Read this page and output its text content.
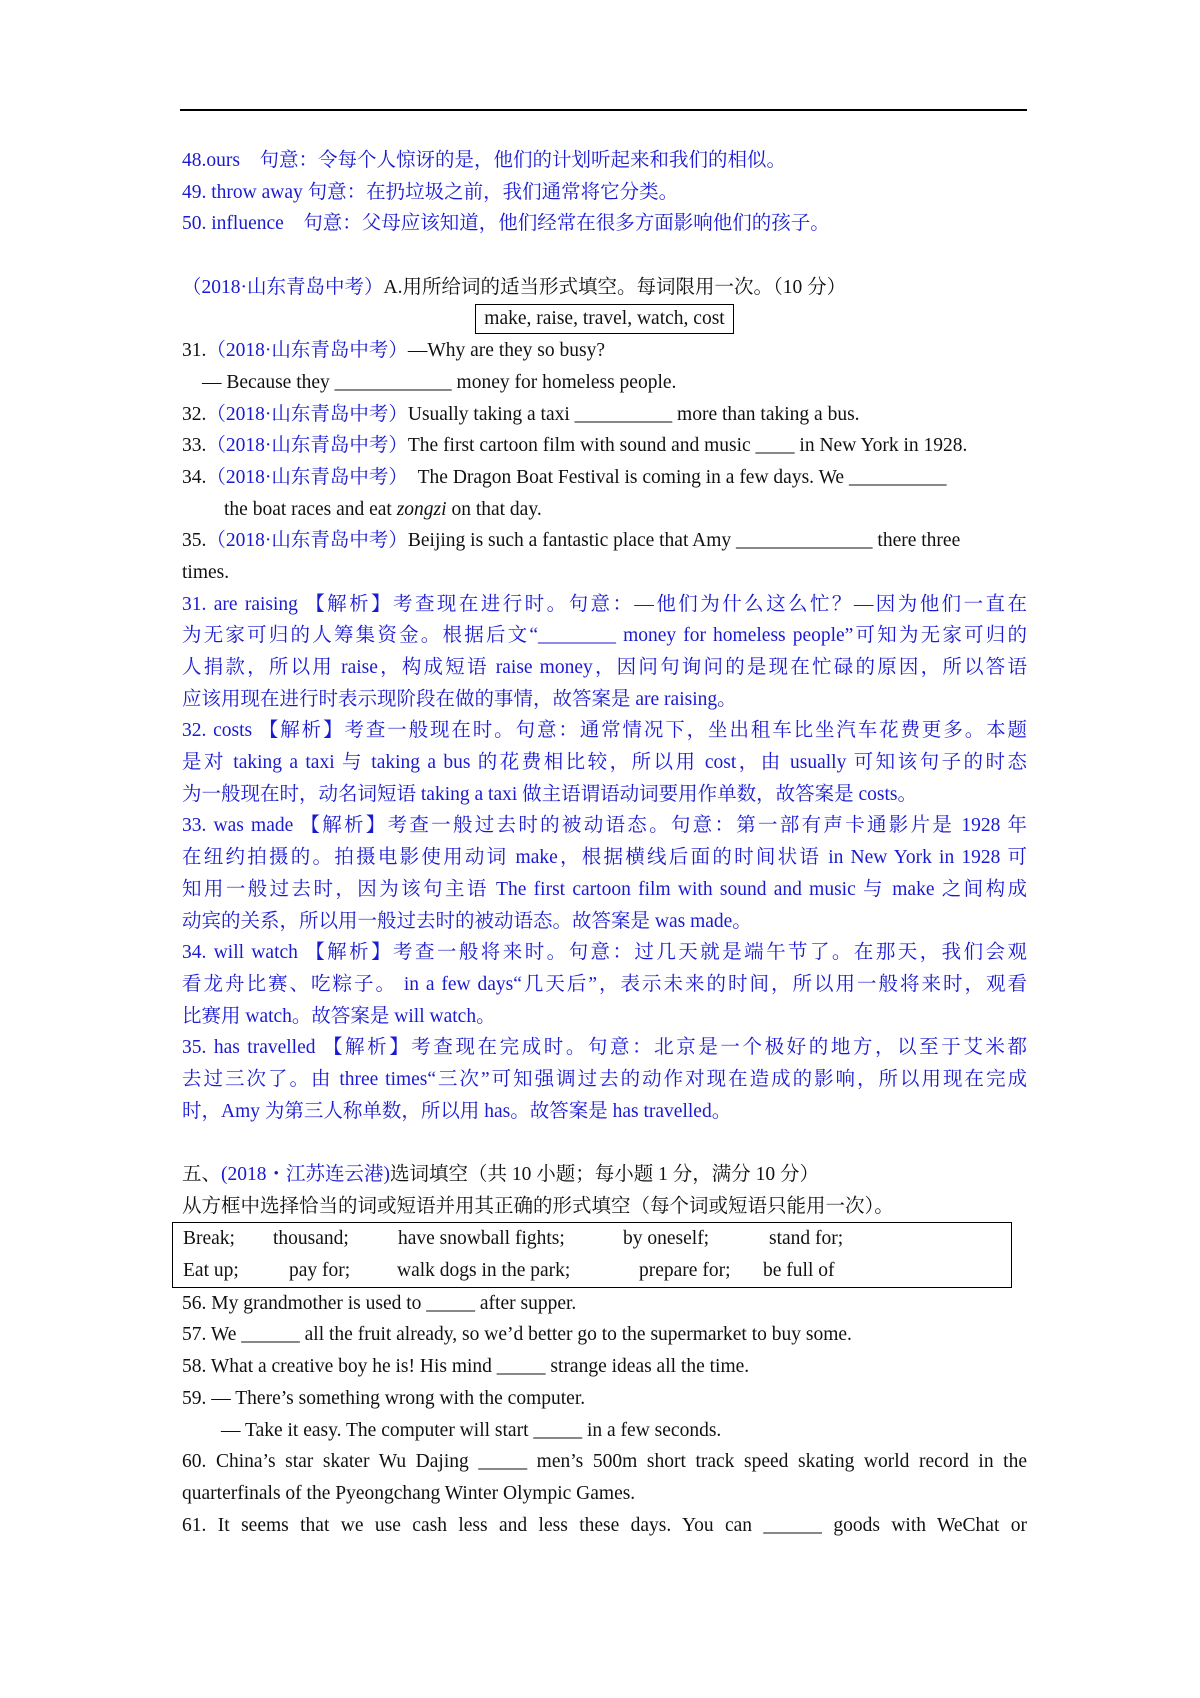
48.ours　句意：令每个人惊讶的是，他们的计划听起来和我们的相似。
49. throw away 句意：在扔垃圾之前，我们通常将它分类。
50. influence　句意：父母应该知道，他们经常在很多方面影响他们的孩子。
（2018·山东青岛中考）A.用所给词的适当形式填空。每词限用一次。（10 分）
make, raise, travel, watch, cost
31.（2018·山东青岛中考）—Why are they so busy?
— Because they ____________ money for homeless people.
32.（2018·山东青岛中考）Usually taking a taxi __________ more than taking a bus.
33.（2018·山东青岛中考）The first cartoon film with sound and music ____ in New York in 1928.
34.（2018·山东青岛中考）　The Dragon Boat Festival is coming in a few days. We __________
the boat races and eat zongzi on that day.
35.（2018·山东青岛中考）Beijing is such a fantastic place that Amy ______________ there three
times.
31. are raising 【解析】考查现在进行时。句意：—他们为什么这么忙？—因为他们一直在
为无家可归的人筹集资金。根据后文“________ money for homeless people”可知为无家可归的
人捐款，所以用 raise，构成短语 raise money，因问句询问的是现在忙碌的原因，所以答语
应该用现在进行时表示现阶段在做的事情，故答案是 are raising。
32. costs 【解析】考查一般现在时。句意：通常情况下，坐出租车比坐汽车花费更多。本题
是对 taking a taxi 与 taking a bus 的花费相比较，所以用 cost，由 usually 可知该句子的时态
为一般现在时，动名词短语 taking a taxi 做主语谓语动词要用作单数，故答案是 costs。
33. was made 【解析】考查一般过去时的被动语态。句意：第一部有声卡通影片是 1928 年
在纽约拍摄的。拍摄电影使用动词 make，根据横线后面的时间状语 in New York in 1928 可
知用一般过去时，因为该句主语 The first cartoon film with sound and music 与 make 之间构成
动宾的关系，所以用一般过去时的被动语态。故答案是 was made。
34. will watch 【解析】考查一般将来时。句意：过几天就是端午节了。在那天，我们会观
看龙舟比赛、吃粽子。 in a few days“几天后”，表示未来的时间，所以用一般将来时，观看
比赛用 watch。故答案是 will watch。
35. has travelled 【解析】考查现在完成时。句意：北京是一个极好的地方，以至于艾米都
去过三次了。由 three times“三次”可知强调过去的动作对现在造成的影响，所以用现在完成
时，Amy 为第三人称单数，所以用 has。故答案是 has travelled。
五、(2018・江苏连云港)选词填空（共 10 小题；每小题 1 分，满分 10 分）
从方框中选择恰当的词或短语并用其正确的形式填空（每个词或短语只能用一次）。
Break; thousand;	have snowball fights;	by oneself;	stand for;
Eat up;	pay for; walk dogs in the park;	prepare for; be full of
56. My grandmother is used to _____ after supper.
57. We ______ all the fruit already, so we’d better go to the supermarket to buy some.
58. What a creative boy he is! His mind _____ strange ideas all the time.
59. — There’s something wrong with the computer.
　　— Take it easy. The computer will start _____ in a few seconds.
60. China’s star skater Wu Dajing _____ men’s 500m short track speed skating world record in the
quarterfinals of the Pyeongchang Winter Olympic Games.
61. It seems that we use cash less and less these days. You can ______ goods with WeChat or
